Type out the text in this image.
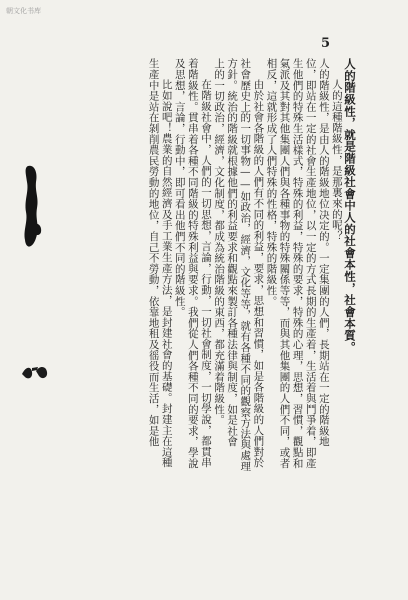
朝文化书库
5
人的階級性，就是階級社會中人的社會本性，社會本質。
人的這種階級性，是那裏來的呢？
人的階級性，是由人的階級地位决定的。一定集團的人們，長期站在一定的階級地
位，即站在一定的社會生產地位，以一定的方式長期的生產着，生活着與鬥爭着，即產
生他們的特殊生活樣式，特殊的利益，特殊的要求，特殊的心理，思想，習慣，觀點和
氣派及其對其他集團人們與各種事物的特殊關係等等，而與其他集團的人們不同，或者
相反，這就形成了人們特殊的性格，特殊的階級性。
由於社會各階級的人們有不同的利益，要求，思想和習慣，如是各階級的人們對於
社會歷史上的一切事物——如政治，經濟，文化等等，就有各種不同的觀察方法與處理
方針。統治的階級就根據他們的利益要求和觀點來製訂各種法律與制度，如是社會
上的一切政治，經濟，文化制度，都成為統治階級的東西，都充滿着階級性。
在階級社會中，人們的一切思想，言論，行動，一切社會制度，一切學說，都貫串
着階級性。貫串着各種不同階級的特殊利益與要求。我們從人們各種不同的要求，學說
及思想，言論，行動中，即可看出他們不同的階級性。
比如說吧！農業的自然經濟及手工業生產方法，是封建社會的基礎。封建主在這種
生產中是站在剝削農民勞動的地位，自己不勞動，依靠地租及徭役而生活，如是他
